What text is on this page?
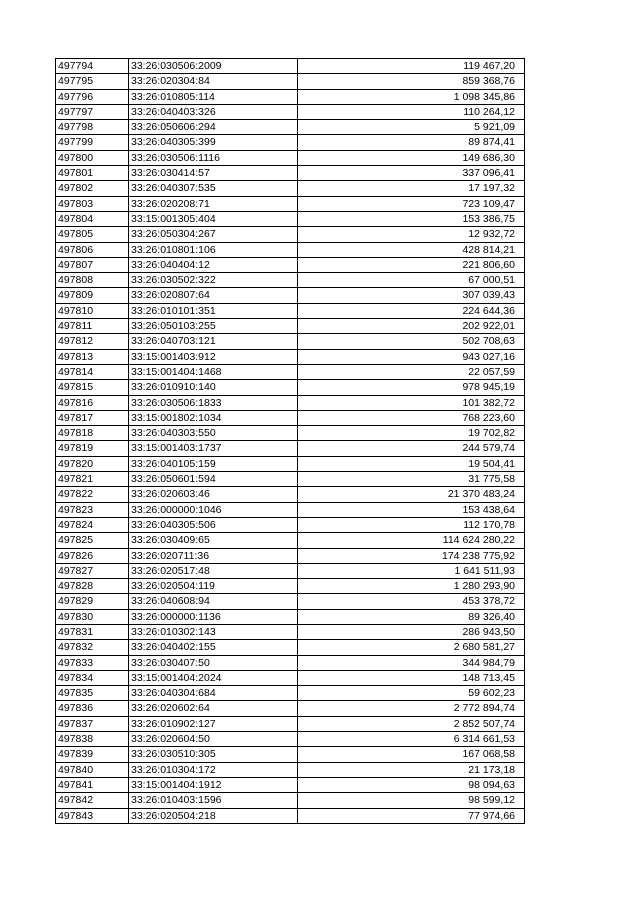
497794	33:26:030506:2009	119 467,20
497795	33:26:020304:84	859 368,76
497796	33:26:010805:114	1 098 345,86
497797	33:26:040403:326	110 264,12
497798	33:26:050606:294	5 921,09
497799	33:26:040305:399	89 874,41
497800	33:26:030506:1116	149 686,30
497801	33:26:030414:57	337 096,41
497802	33:26:040307:535	17 197,32
497803	33:26:020208:71	723 109,47
497804	33:15:001305:404	153 386,75
497805	33:26:050304:267	12 932,72
497806	33:26:010801:106	428 814,21
497807	33:26:040404:12	221 806,60
497808	33:26:030502:322	67 000,51
497809	33:26:020807:64	307 039,43
497810	33:26:010101:351	224 644,36
497811	33:26:050103:255	202 922,01
497812	33:26:040703:121	502 708,63
497813	33:15:001403:912	943 027,16
497814	33:15:001404:1468	22 057,59
497815	33:26:010910:140	978 945,19
497816	33:26:030506:1833	101 382,72
497817	33:15:001802:1034	768 223,60
497818	33:26:040303:550	19 702,82
497819	33:15:001403:1737	244 579,74
497820	33:26:040105:159	19 504,41
497821	33:26:050601:594	31 775,58
497822	33:26:020603:46	21 370 483,24
497823	33:26:000000:1046	153 438,64
497824	33:26:040305:506	112 170,78
497825	33:26:030409:65	114 624 280,22
497826	33:26:020711:36	174 238 775,92
497827	33:26:020517:48	1 641 511,93
497828	33:26:020504:119	1 280 293,90
497829	33:26:040608:94	453 378,72
497830	33:26:000000:1136	89 326,40
497831	33:26:010302:143	286 943,50
497832	33:26:040402:155	2 680 581,27
497833	33:26:030407:50	344 984,79
497834	33:15:001404:2024	148 713,45
497835	33:26:040304:684	59 602,23
497836	33:26:020602:64	2 772 894,74
497837	33:26:010902:127	2 852 507,74
497838	33:26:020604:50	6 314 661,53
497839	33:26:030510:305	167 068,58
497840	33:26:010304:172	21 173,18
497841	33:15:001404:1912	98 094,63
497842	33:26:010403:1596	98 599,12
497843	33:26:020504:218	77 974,66
